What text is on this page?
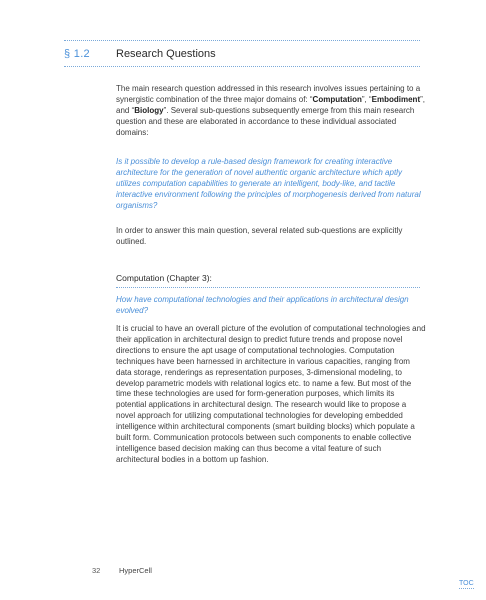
§ 1.2 Research Questions
The main research question addressed in this research involves issues pertaining to a synergistic combination of the three major domains of: “Computation”, “Embodiment”, and “Biology”. Several sub-questions subsequently emerge from this main research question and these are elaborated in accordance to these individual associated domains:
Is it possible to develop a rule-based design framework for creating interactive architecture for the generation of novel authentic organic architecture which aptly utilizes computation capabilities to generate an intelligent, body-like, and tactile interactive environment following the principles of morphogenesis derived from natural organisms?
In order to answer this main question, several related sub-questions are explicitly outlined.
Computation (Chapter 3):
How have computational technologies and their applications in architectural design evolved?
It is crucial to have an overall picture of the evolution of computational technologies and their application in architectural design to predict future trends and propose novel directions to ensure the apt usage of computational technologies. Computation techniques have been harnessed in architecture in various capacities, ranging from data storage, renderings as representation purposes, 3-dimensional modeling, to develop parametric models with relational logics etc. to name a few. But most of the time these technologies are used for form-generation purposes, which limits its potential applications in architectural design. The research would like to propose a novel approach for utilizing computational technologies for developing embedded intelligence within architectural components (smart building blocks) which populate a built form. Communication protocols between such components to enable collective intelligence based decision making can thus become a vital feature of such architectural bodies in a bottom up fashion.
32 HyperCell
TOC
